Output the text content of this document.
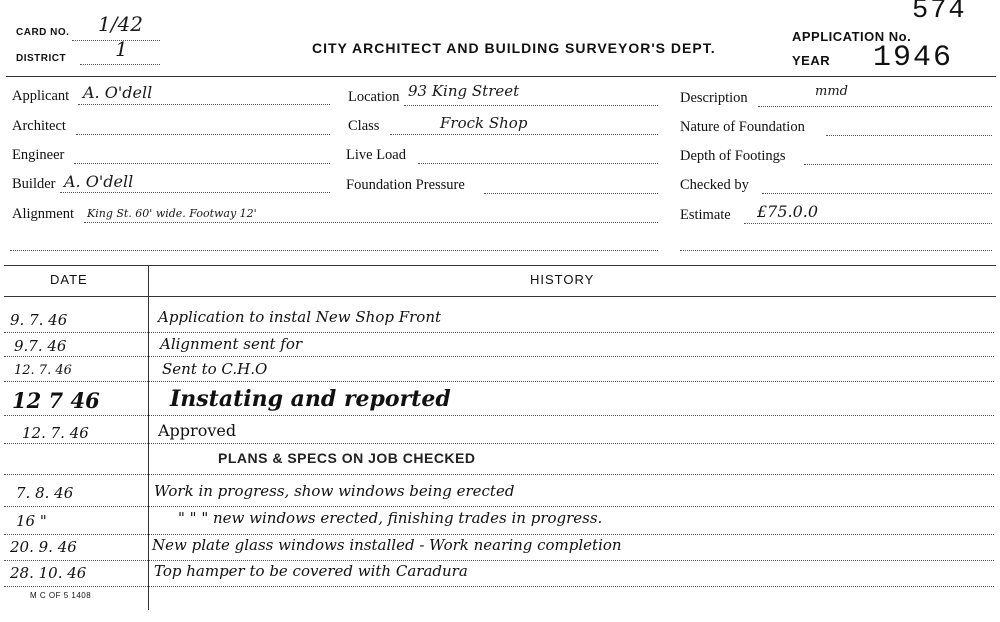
CARD NO. 1/42
DISTRICT 1	CITY ARCHITECT AND BUILDING SURVEYOR'S DEPT.
APPLICATION No.
574
YEAR 1946
Applicant A. O'dell
Architect
Engineer
Builder A. O'dell
Alignment King St. 60' wide. Footway 12'
Location 93 King Street
Class	Frock Shop
Live Load
Foundation Pressure
Description	mmd
Nature of Foundation
Depth of Footings
Checked by
Estimate £75.0.0
DATE	HISTORY
9. 7. 46	Application to instal New Shop Front
9.7. 46	Alignment sent for
12. 7. 46	Sent to C.H.O
12 7 46	Instating and reported
12. 7. 46	Approved
PLANS & SPECS ON JOB CHECKED
7. 8. 46	Work in progress, show windows being erected
16 "	" " " new windows erected, finishing trades in progress.
20. 9. 46	New plate glass windows installed - Work nearing completion
28. 10. 46	Top hamper to be covered with Caradura
M C OF 5 1408
